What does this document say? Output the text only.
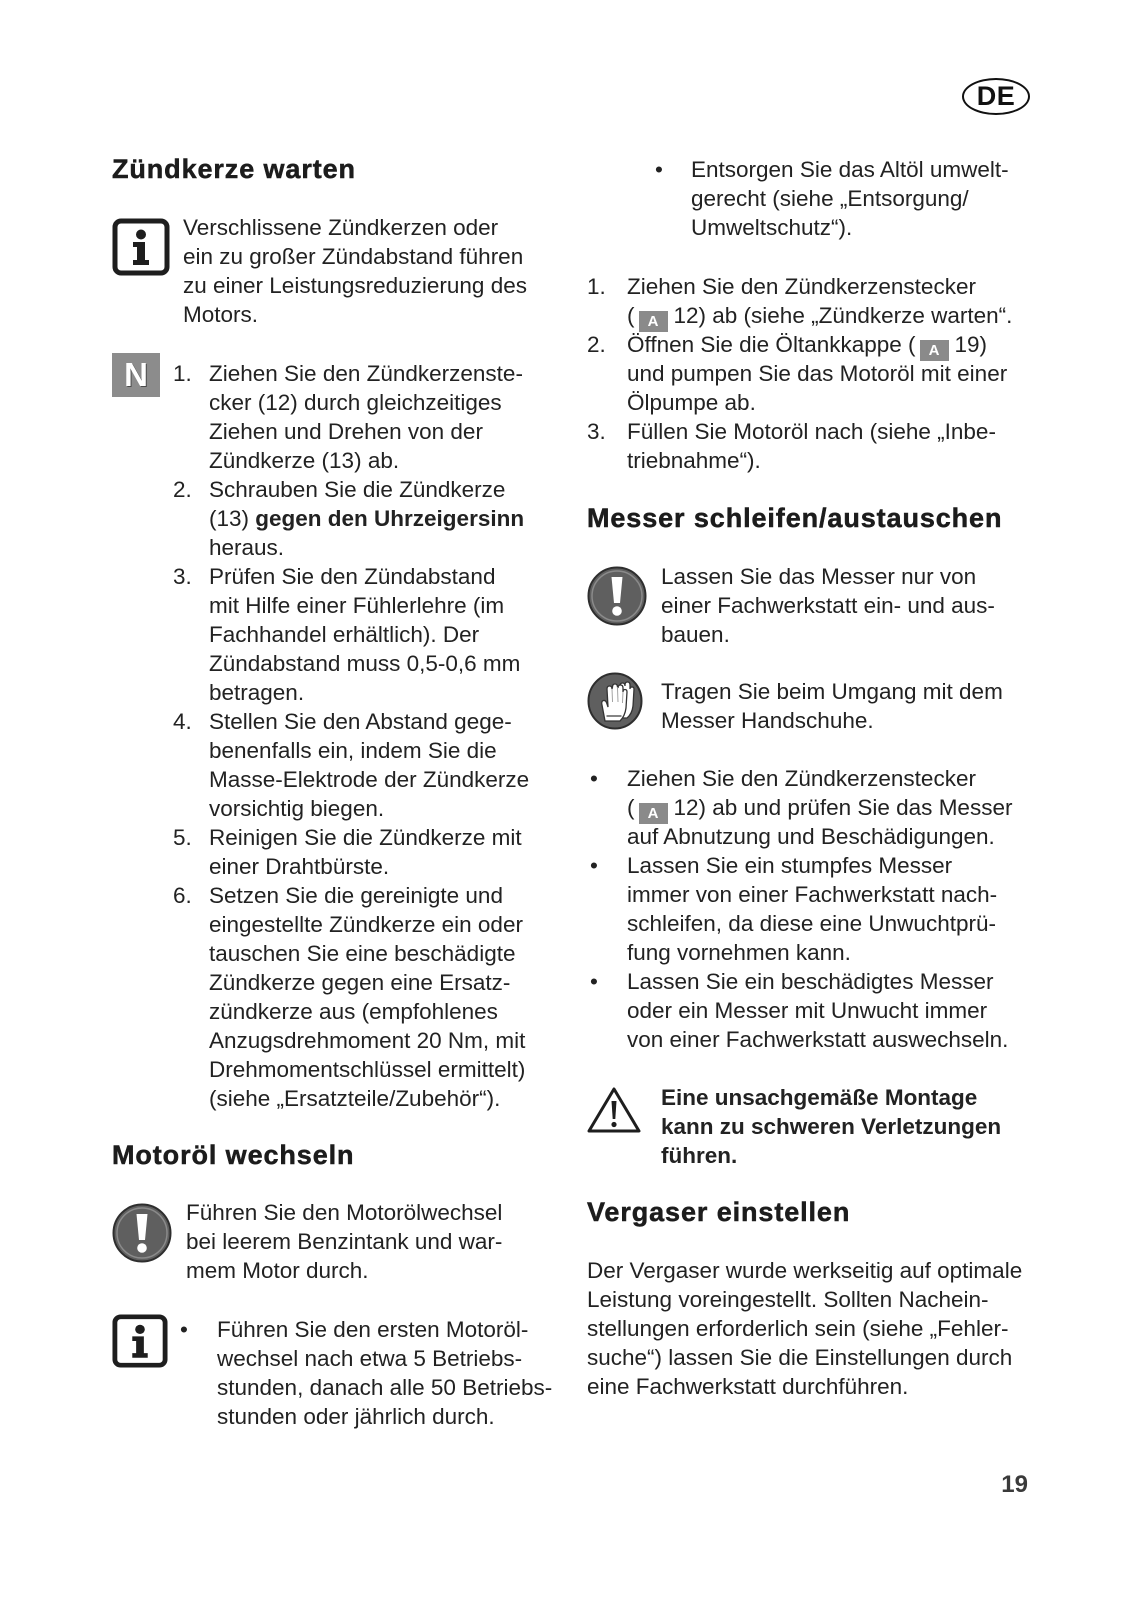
DE
Zündkerze warten
Verschlissene Zündkerzen oder
ein zu großer Zündabstand führen
zu einer Leistungsreduzierung des
Motors.
N	1. Ziehen Sie den Zündkerzenste-
cker (12) durch gleichzeitiges
Ziehen und Drehen von der
Zündkerze (13) ab.
2. Schrauben Sie die Zündkerze
(13) gegen den Uhrzeigersinn
heraus.
3. Prüfen Sie den Zündabstand
mit Hilfe einer Fühlerlehre (im
Fachhandel erhältlich). Der
Zündabstand muss 0,5-0,6 mm
betragen.
4. Stellen Sie den Abstand gege-
benenfalls ein, indem Sie die
Masse-Elektrode der Zündkerze
vorsichtig biegen.
5. Reinigen Sie die Zündkerze mit
einer Drahtbürste.
6. Setzen Sie die gereinigte und
eingestellte Zündkerze ein oder
tauschen Sie eine beschädigte
Zündkerze gegen eine Ersatz-
zündkerze aus (empfohlenes
Anzugsdrehmoment 20 Nm, mit
Drehmomentschlüssel ermittelt)
(siehe „Ersatzteile/Zubehör“).
Motoröl wechseln
Führen Sie den Motorölwechsel
bei leerem Benzintank und war-
mem Motor durch.
• Führen Sie den ersten Motoröl-
wechsel nach etwa 5 Betriebs-
stunden, danach alle 50 Betriebs-
stunden oder jährlich durch.
• Entsorgen Sie das Altöl umwelt-
gerecht (siehe „Entsorgung/
Umweltschutz“).
1. Ziehen Sie den Zündkerzenstecker
( A 12) ab (siehe „Zündkerze warten“.
2. Öffnen Sie die Öltankkappe ( A 19)
und pumpen Sie das Motoröl mit einer
Ölpumpe ab.
3. Füllen Sie Motoröl nach (siehe „Inbe-
triebnahme“).
Messer schleifen/austauschen
Lassen Sie das Messer nur von
einer Fachwerkstatt ein- und aus-
bauen.
Tragen Sie beim Umgang mit dem
Messer Handschuhe.
• Ziehen Sie den Zündkerzenstecker
( A 12) ab und prüfen Sie das Messer
auf Abnutzung und Beschädigungen.
• Lassen Sie ein stumpfes Messer
immer von einer Fachwerkstatt nach-
schleifen, da diese eine Unwuchtprü-
fung vornehmen kann.
• Lassen Sie ein beschädigtes Messer
oder ein Messer mit Unwucht immer
von einer Fachwerkstatt auswechseln.
Eine unsachgemäße Montage
kann zu schweren Verletzungen
führen.
Vergaser einstellen
Der Vergaser wurde werkseitig auf optimale
Leistung voreingestellt. Sollten Nachein-
stellungen erforderlich sein (siehe „Fehler-
suche“) lassen Sie die Einstellungen durch
eine Fachwerkstatt durchführen.
19
